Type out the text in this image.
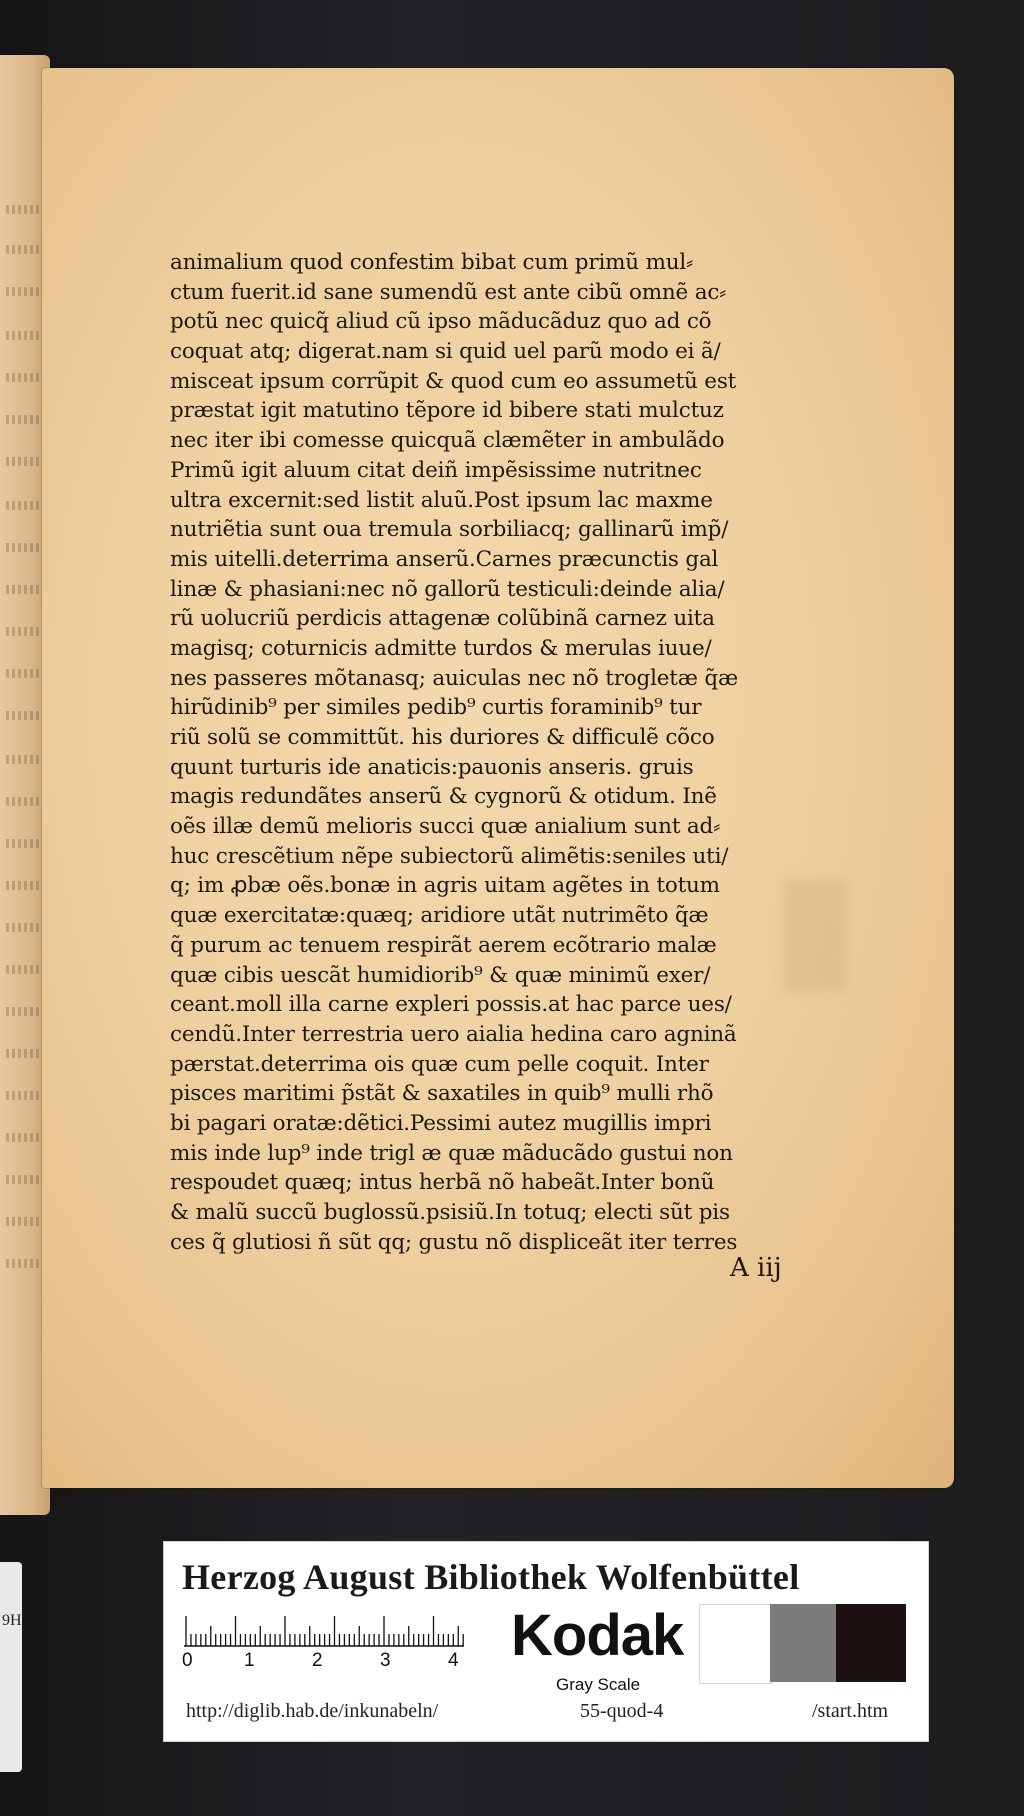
animalium quod confestim bibat cum primũ mul⸗
ctum fuerit.id sane sumendũ est ante cibũ omnẽ ac⸗
potũ nec quicq̃ aliud cũ ipso mãducãduz quo ad cõ
coquat atq; digerat.nam si quid uel parũ modo ei ã/
misceat ipsum corrũpit & quod cum eo assumetũ est
præstat igit matutino tẽpore id bibere stati mulctuz
nec iter ibi comesse quicquã clæmẽter in ambulãdo
Primũ igit aluum citat deiñ impẽsissime nutritnec
ultra excernit:sed listit aluũ.Post ipsum lac maxme
nutriẽtia sunt oua tremula sorbiliacq; gallinarũ imp̃/
mis uitelli.deterrima anserũ.Carnes præcunctis gal
linæ & phasiani:nec nõ gallorũ testiculi:deinde alia/
rũ uolucriũ perdicis attagenæ colũbinã carnez uita
magisq; coturnicis admitte turdos & merulas iuue/
nes passeres mõtanasq; auiculas nec nõ trogletæ q̃æ
hirũdinib⁹ per similes pedib⁹ curtis foraminib⁹ tur
riũ solũ se committũt. his duriores & difficulẽ cõco
quunt turturis ide anaticis:pauonis anseris. gruis
magis redundãtes anserũ & cygnorũ & otidum. Inẽ
oẽs illæ demũ melioris succi quæ anialium sunt ad⸗
huc crescẽtium nẽpe subiectorũ alimẽtis:seniles uti/
q; im ꝓbæ oẽs.bonæ in agris uitam agẽtes in totum
quæ exercitatæ:quæq; aridiore utãt nutrimẽto q̃æ
q̃ purum ac tenuem respirãt aerem ecõtrario malæ
quæ cibis uescãt humidiorib⁹ & quæ minimũ exer/
ceant.moll illa carne expleri possis.at hac parce ues/
cendũ.Inter terrestria uero aialia hedina caro agninã
pærstat.deterrima ois quæ cum pelle coquit. Inter
pisces maritimi p̃stãt & saxatiles in quib⁹ mulli rhõ
bi pagari oratæ:dẽtici.Pessimi autez mugillis impri
mis inde lup⁹ inde trigl æ quæ mãducãdo gustui non
respoudet quæq; intus herbã nõ habeãt.Inter bonũ
& malũ succũ buglossũ.psisiũ.In totuq; electi sũt pis
ces q̃ glutiosi ñ sũt qq; gustu nõ displiceãt iter terres
A iij
Herzog August Bibliothek Wolfenbüttel
0	1	2	3	4 Kodak
Gray Scale
http://diglib.hab.de/inkunabeln/	55-quod-4	/start.htm
9H
